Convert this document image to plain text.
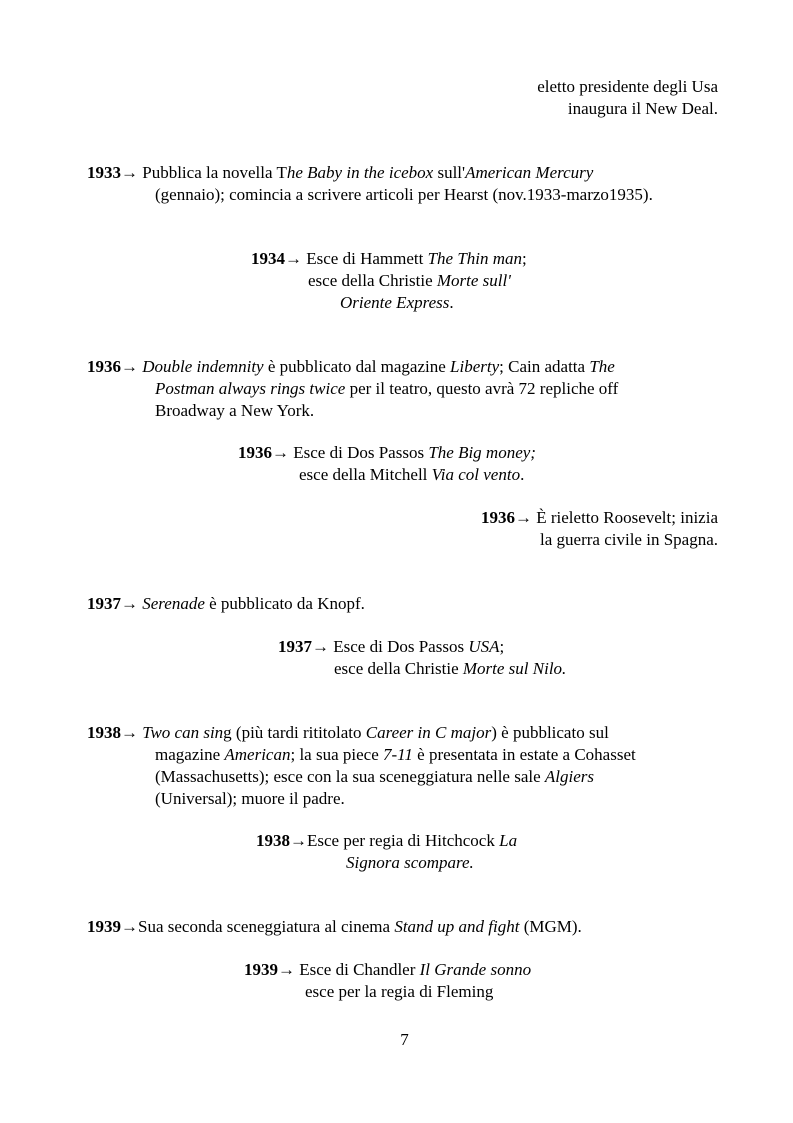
eletto presidente degli Usa
inaugura il New Deal.
1933→ Pubblica la novella The Baby in the icebox sull'American Mercury
(gennaio); comincia a scrivere articoli per Hearst (nov.1933-marzo1935).
1934→ Esce di Hammett The Thin man;
esce della Christie Morte sull'
Oriente Express.
1936→ Double indemnity è pubblicato dal magazine Liberty; Cain adatta The
Postman always rings twice per il teatro, questo avrà 72 repliche off
Broadway a New York.
1936→ Esce di Dos Passos The Big money;
esce della Mitchell Via col vento.
1936→ È rieletto Roosevelt; inizia
la guerra civile in Spagna.
1937→ Serenade è pubblicato da Knopf.
1937→ Esce di Dos Passos USA;
esce della Christie Morte sul Nilo.
1938→ Two can sing (più tardi rititolato Career in C major) è pubblicato sul
magazine American; la sua piece 7-11 è presentata in estate a Cohasset
(Massachusetts); esce con la sua sceneggiatura nelle sale Algiers
(Universal); muore il padre.
1938→Esce per regia di Hitchcock La
Signora scompare.
1939→Sua seconda sceneggiatura al cinema Stand up and fight (MGM).
1939→ Esce di Chandler Il Grande sonno
esce per la regia di Fleming
7
